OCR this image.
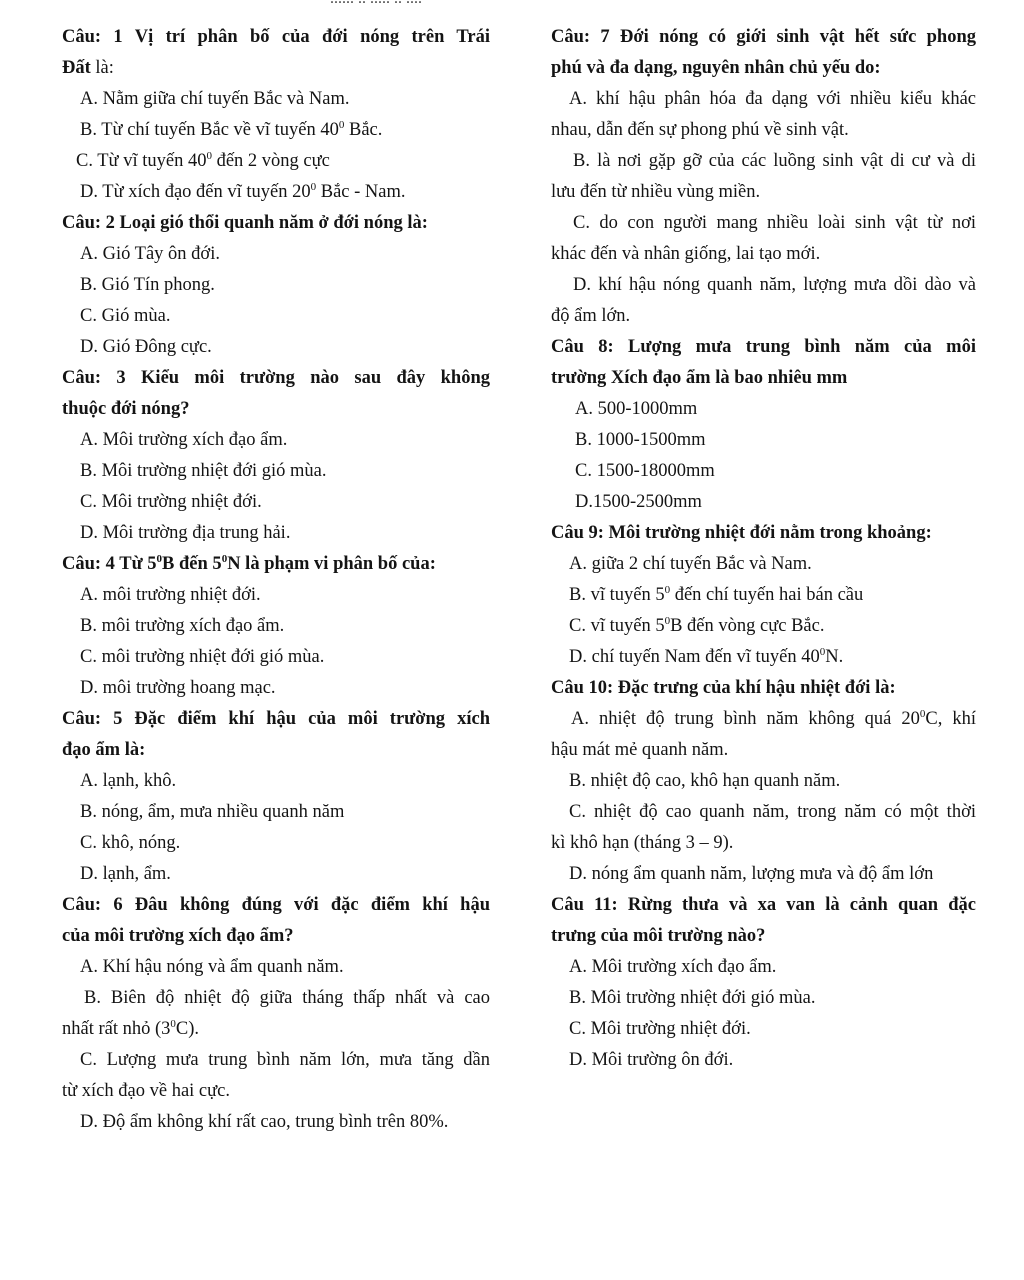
Câu: 1 Vị trí phân bố của đới nóng trên Trái
Đất là:
A. Nằm giữa chí tuyến Bắc và Nam.
B. Từ chí tuyến Bắc về vĩ tuyến $40^0$ Bắc.
C. Từ vĩ tuyến $40^0$ đến 2 vòng cực
D. Từ xích đạo đến vĩ tuyến $20^0$ Bắc - Nam.
Câu: 2 Loại gió thổi quanh năm ở đới nóng là:
A. Gió Tây ôn đới.
B. Gió Tín phong.
C. Gió mùa.
D. Gió Đông cực.
Câu: 3 Kiểu môi trường nào sau đây không
thuộc đới nóng?
A. Môi trường xích đạo ẩm.
B. Môi trường nhiệt đới gió mùa.
C. Môi trường nhiệt đới.
D. Môi trường địa trung hải.
Câu: 4 Từ $5^0B$ đến $5^0N$ là phạm vi phân bố của:
A. môi trường nhiệt đới.
B. môi trường xích đạo ẩm.
C. môi trường nhiệt đới gió mùa.
D. môi trường hoang mạc.
Câu: 5 Đặc điểm khí hậu của môi trường xích
đạo ẩm là:
A. lạnh, khô.
B. nóng, ẩm, mưa nhiều quanh năm
C. khô, nóng.
D. lạnh, ẩm.
Câu: 6 Đâu không đúng với đặc điểm khí hậu
của môi trường xích đạo ẩm?
A. Khí hậu nóng và ẩm quanh năm.
B. Biên độ nhiệt độ giữa tháng thấp nhất và cao
nhất rất nhỏ $(3^0C)$.
C. Lượng mưa trung bình năm lớn, mưa tăng dần
từ xích đạo về hai cực.
D. Độ ẩm không khí rất cao, trung bình trên 80%.
Câu: 7 Đới nóng có giới sinh vật hết sức phong
phú và đa dạng, nguyên nhân chủ yếu do:
A. khí hậu phân hóa đa dạng với nhiều kiểu khác
nhau, dẫn đến sự phong phú về sinh vật.
B. là nơi gặp gỡ của các luồng sinh vật di cư và di
lưu đến từ nhiều vùng miền.
C. do con người mang nhiều loài sinh vật từ nơi
khác đến và nhân giống, lai tạo mới.
D. khí hậu nóng quanh năm, lượng mưa dồi dào và
độ ẩm lớn.
Câu 8: Lượng mưa trung bình năm của môi
trường Xích đạo ẩm là bao nhiêu mm
A. 500-1000mm
B. 1000-1500mm
C. 1500-18000mm
D.1500-2500mm
Câu 9: Môi trường nhiệt đới nằm trong khoảng:
A. giữa 2 chí tuyến Bắc và Nam.
B. vĩ tuyến $5^0$ đến chí tuyến hai bán cầu
C. vĩ tuyến $5^0B$ đến vòng cực Bắc.
D. chí tuyến Nam đến vĩ tuyến $40^0N$.
Câu 10: Đặc trưng của khí hậu nhiệt đới là:
A. nhiệt độ trung bình năm không quá $20^0C$, khí
hậu mát mẻ quanh năm.
B. nhiệt độ cao, khô hạn quanh năm.
C. nhiệt độ cao quanh năm, trong năm có một thời
kì khô hạn (tháng 3 – 9).
D. nóng ẩm quanh năm, lượng mưa và độ ẩm lớn
Câu 11: Rừng thưa và xa van là cảnh quan đặc
trưng của môi trường nào?
A. Môi trường xích đạo ẩm.
B. Môi trường nhiệt đới gió mùa.
C. Môi trường nhiệt đới.
D. Môi trường ôn đới.
